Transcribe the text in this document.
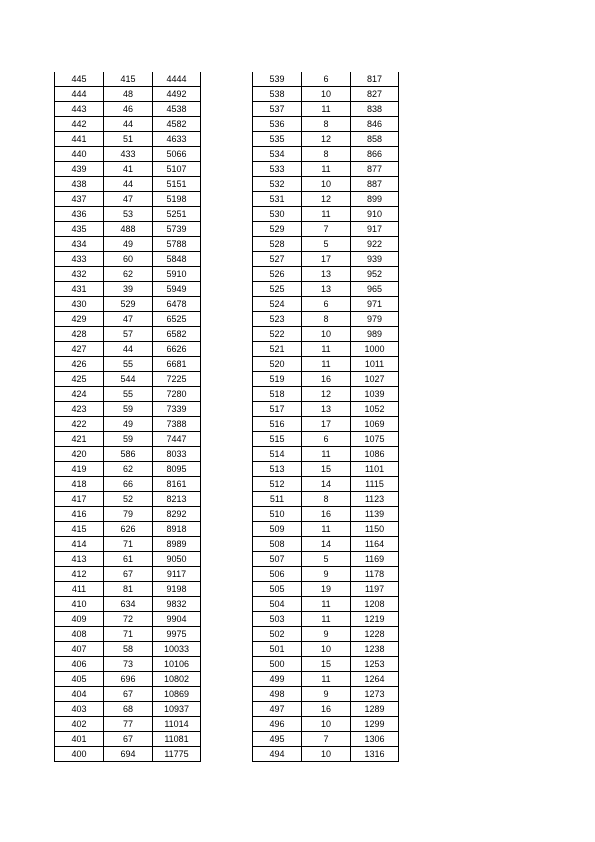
445	415	4444
444	48	4492
443	46	4538
442	44	4582
441	51	4633
440	433	5066
439	41	5107
438	44	5151
437	47	5198
436	53	5251
435	488	5739
434	49	5788
433	60	5848
432	62	5910
431	39	5949
430	529	6478
429	47	6525
428	57	6582
427	44	6626
426	55	6681
425	544	7225
424	55	7280
423	59	7339
422	49	7388
421	59	7447
420	586	8033
419	62	8095
418	66	8161
417	52	8213
416	79	8292
415	626	8918
414	71	8989
413	61	9050
412	67	9117
411	81	9198
410	634	9832
409	72	9904
408	71	9975
407	58	10033
406	73	10106
405	696	10802
404	67	10869
403	68	10937
402	77	11014
401	67	11081
400	694	11775
539	6	817
538	10	827
537	11	838
536	8	846
535	12	858
534	8	866
533	11	877
532	10	887
531	12	899
530	11	910
529	7	917
528	5	922
527	17	939
526	13	952
525	13	965
524	6	971
523	8	979
522	10	989
521	11	1000
520	11	1011
519	16	1027
518	12	1039
517	13	1052
516	17	1069
515	6	1075
514	11	1086
513	15	1101
512	14	1115
511	8	1123
510	16	1139
509	11	1150
508	14	1164
507	5	1169
506	9	1178
505	19	1197
504	11	1208
503	11	1219
502	9	1228
501	10	1238
500	15	1253
499	11	1264
498	9	1273
497	16	1289
496	10	1299
495	7	1306
494	10	1316
